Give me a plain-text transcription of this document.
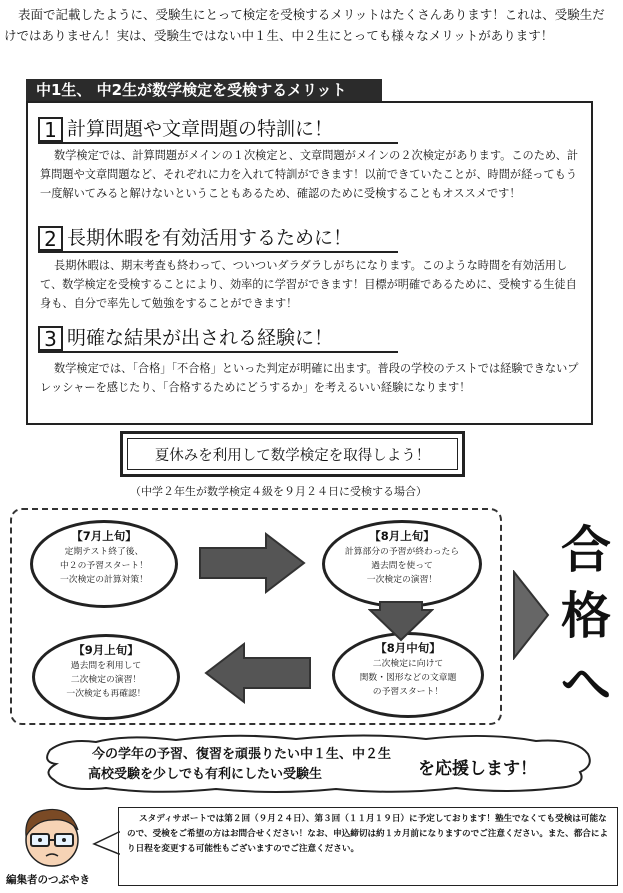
表面で記載したように、受験生にとって検定を受検するメリットはたくさんあります！これは、受験生だけではありません！実は、受験生ではない中１生、中２生にとっても様々なメリットがあります！
中1生、 中2生が数学検定を受検するメリット
1 計算問題や文章問題の特訓に！
数学検定では、計算問題がメインの１次検定と、文章問題がメインの２次検定があります。このため、計算問題や文章問題など、それぞれに力を入れて特訓ができます！以前できていたことが、時間が経ってもう一度解いてみると解けないということもあるため、確認のために受検することもオススメです！
2 長期休暇を有効活用するために！
長期休暇は、期末考査も終わって、ついついダラダラしがちになります。このような時間を有効活用して、数学検定を受検することにより、効率的に学習ができます！目標が明確であるために、受検する生徒自身も、自分で率先して勉強をすることができます！
3 明確な結果が出される経験に！
数学検定では、「合格」「不合格」といった判定が明確に出ます。普段の学校のテストでは経験できないプレッシャーを感じたり、「合格するためにどうするか」を考えるいい経験になります！
夏休みを利用して数学検定を取得しよう！
（中学２年生が数学検定４級を９月２４日に受検する場合）
【7月上旬】
定期テスト終了後、
中２の予習スタート！
一次検定の計算対策！
【8月上旬】
計算部分の予習が終わったら
過去問を使って
一次検定の演習！
【8月中旬】
二次検定に向けて
関数・図形などの文章題
の予習スタート！
【9月上旬】
過去問を利用して
二次検定の演習！
一次検定も再確認！
合
格
へ
今の学年の予習、復習を頑張りたい中１生、中２生
高校受験を少しでも有利にしたい受験生	を応援します！
編集者のつぶやき
スタディサポートでは第２回（９月２４日）、第３回（１１月１９日）に予定しております！塾生でなくても受検は可能なので、受検をご希望の方はお問合せください！なお、申込締切は約１カ月前になりますのでご注意ください。また、都合により日程を変更する可能性もございますのでご注意ください。
